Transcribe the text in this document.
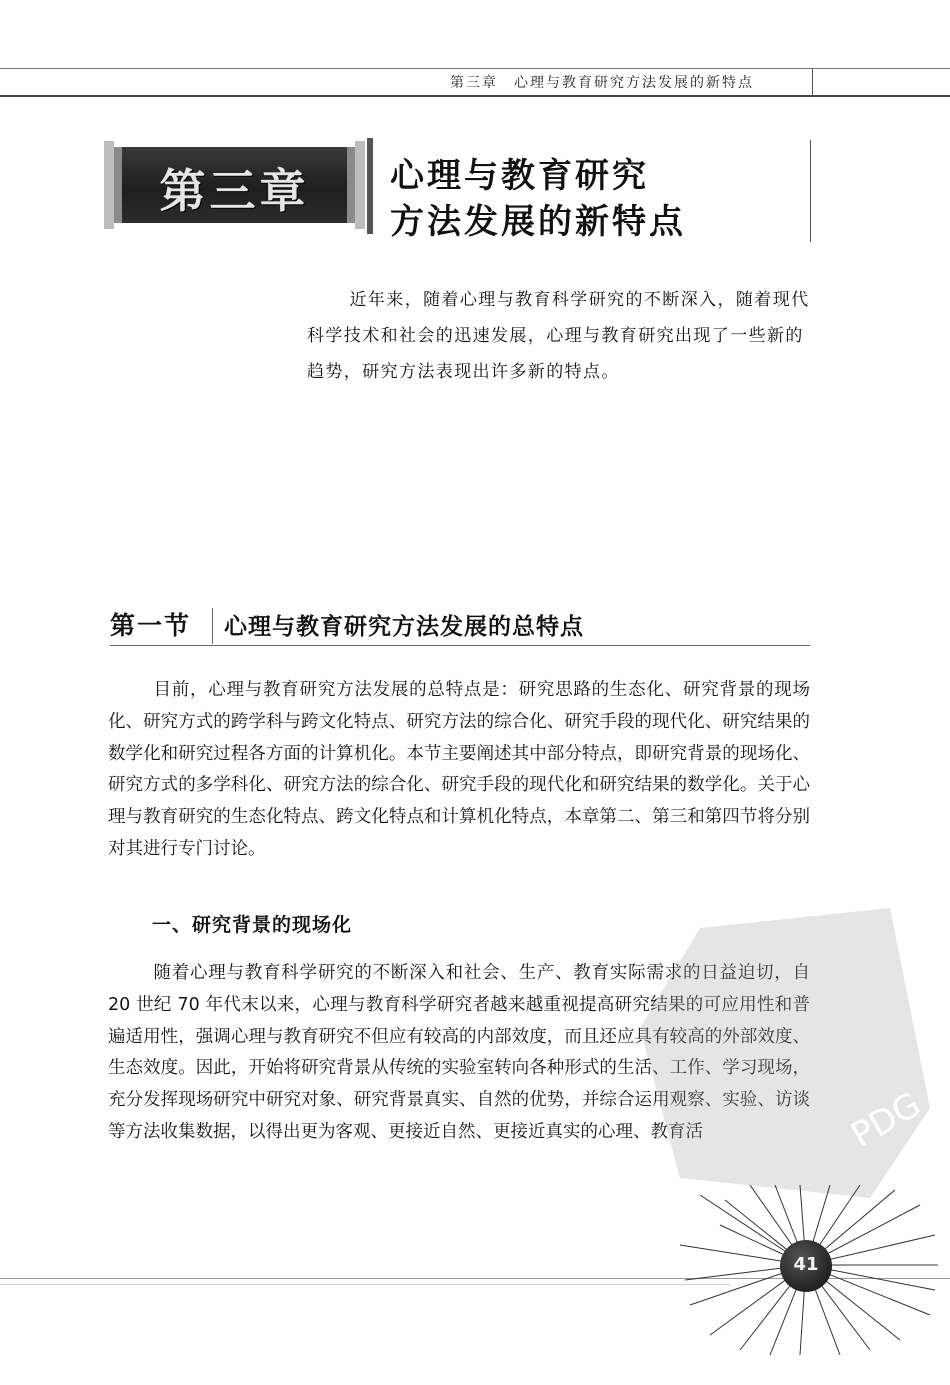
第三章　心理与教育研究方法发展的新特点
第三章	心理与教育研究
方法发展的新特点

近年来，随着心理与教育科学研究的不断深入，随着现代科学技术和社会的迅速发展，心理与教育研究出现了一些新的趋势，研究方法表现出许多新的特点。

第一节 心理与教育研究方法发展的总特点

目前，心理与教育研究方法发展的总特点是：研究思路的生态化、研究背景的现场化、研究方式的跨学科与跨文化特点、研究方法的综合化、研究手段的现代化、研究结果的数学化和研究过程各方面的计算机化。本节主要阐述其中部分特点，即研究背景的现场化、研究方式的多学科化、研究方法的综合化、研究手段的现代化和研究结果的数学化。关于心理与教育研究的生态化特点、跨文化特点和计算机化特点，本章第二、第三和第四节将分别对其进行专门讨论。

一、研究背景的现场化

随着心理与教育科学研究的不断深入和社会、生产、教育实际需求的日益迫切，自 20 世纪 70 年代末以来，心理与教育科学研究者越来越重视提高研究结果的可应用性和普遍适用性，强调心理与教育研究不但应有较高的内部效度，而且还应具有较高的外部效度、生态效度。因此，开始将研究背景从传统的实验室转向各种形式的生活、工作、学习现场，充分发挥现场研究中研究对象、研究背景真实、自然的优势，并综合运用观察、实验、访谈等方法收集数据，以得出更为客观、更接近自然、更接近真实的心理、教育活	PDG
41
